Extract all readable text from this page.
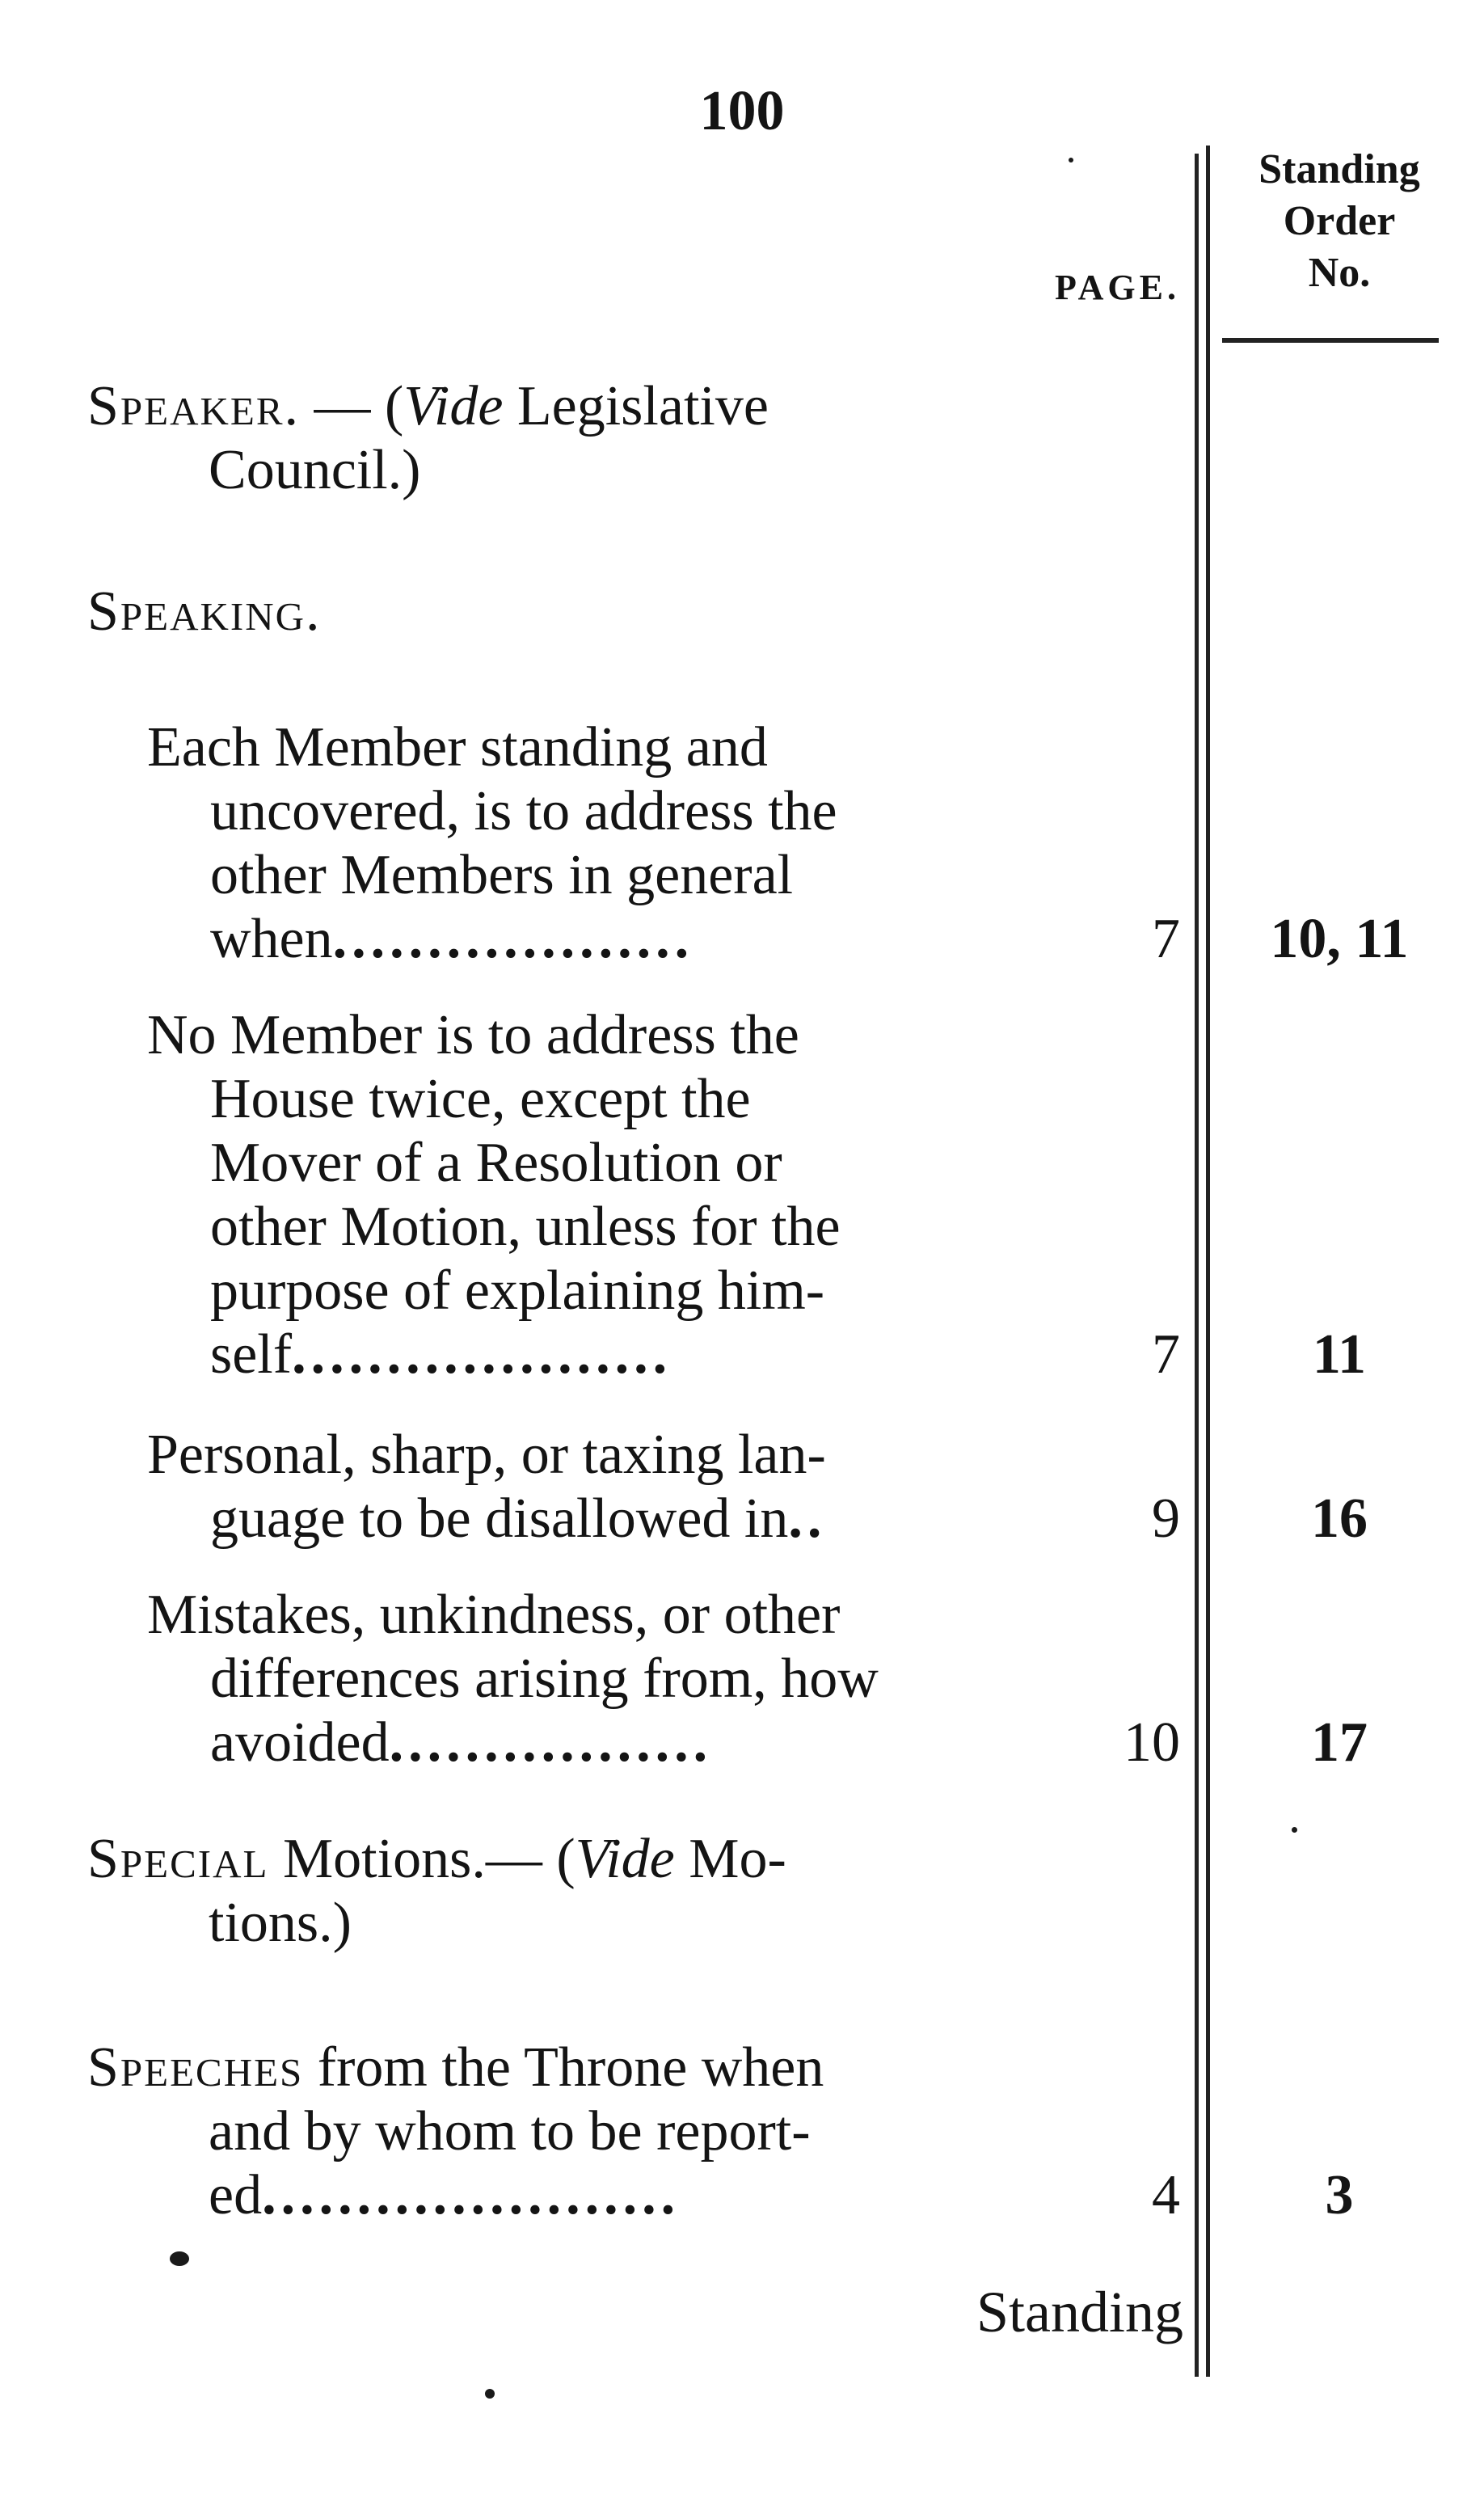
100
PAGE.
Standing
Order
No.
Speaker. — (Vide Legislative
Council.)
Speaking.
Each Member standing and
uncovered, is to address the
other Members in general
when...................	7	10, 11
No Member is to address the
House twice, except the
Mover of a Resolution or
other Motion, unless for the
purpose of explaining him-
self....................	7	11
Personal, sharp, or taxing lan-
guage to be disallowed in..	9	16
Mistakes, unkindness, or other
differences arising from, how
avoided.................	10	17
Special Motions.— (Vide Mo-
tions.)
Speeches from the Throne when
and by whom to be report-
ed......................	4	3
Standing
